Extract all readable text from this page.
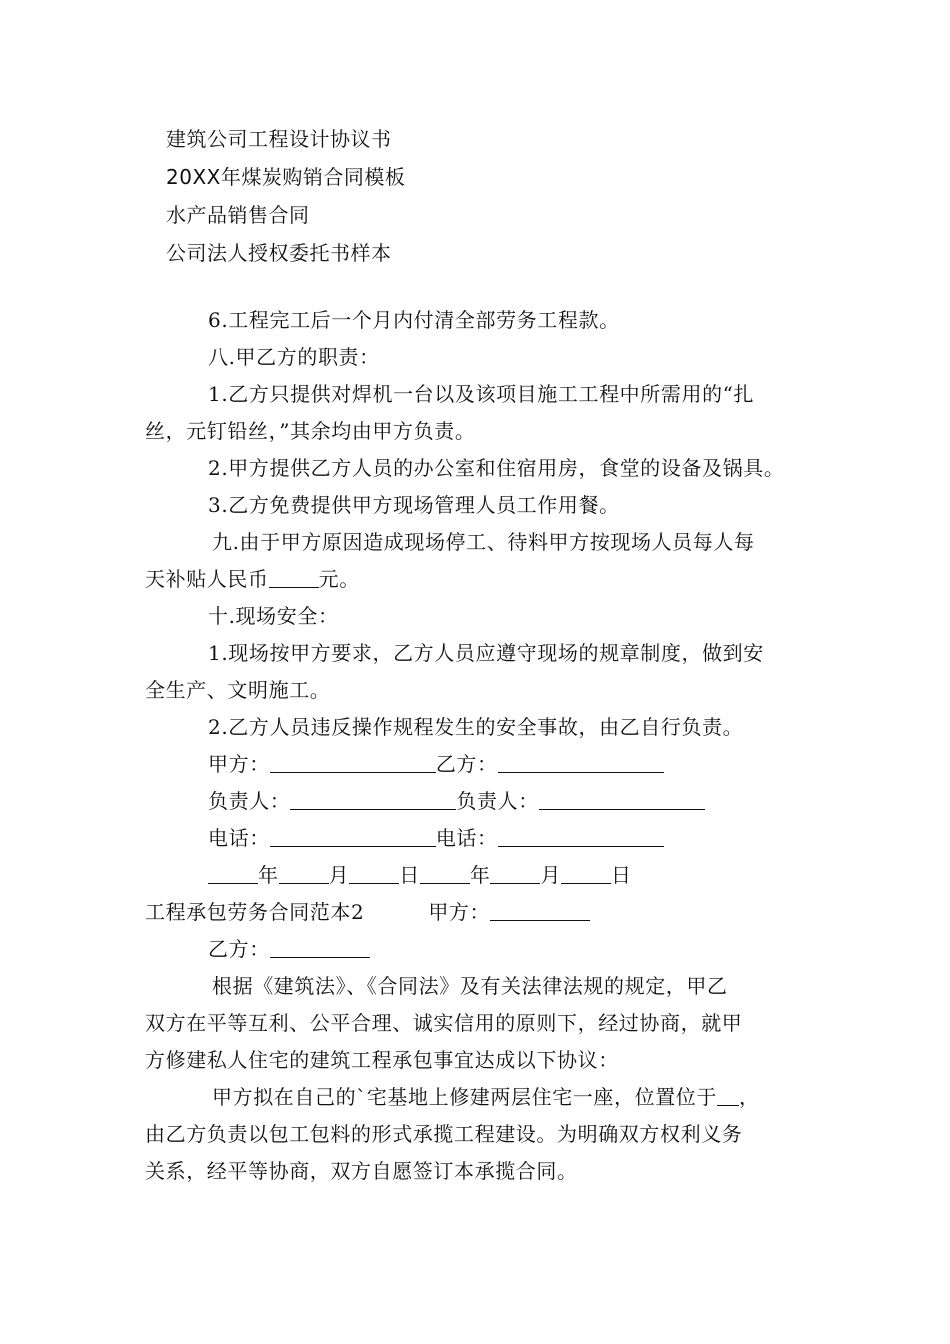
建筑公司工程设计协议书
20XX年煤炭购销合同模板
水产品销售合同
公司法人授权委托书样本
6.工程完工后一个月内付清全部劳务工程款。
八.甲乙方的职责：
1.乙方只提供对焊机一台以及该项目施工工程中所需用的“扎
丝，元钉铅丝，”其余均由甲方负责。
2.甲方提供乙方人员的办公室和住宿用房，食堂的设备及锅具。
3.乙方免费提供甲方现场管理人员工作用餐。
九.由于甲方原因造成现场停工、待料甲方按现场人员每人每
天补贴人民币	元。
十.现场安全：
1.现场按甲方要求，乙方人员应遵守现场的规章制度，做到安
全生产、文明施工。
2.乙方人员违反操作规程发生的安全事故，由乙自行负责。
甲方：	乙方：
负责人：	负责人：
电话：	电话：
年	月	日	年	月	日
工程承包劳务合同范本2	甲方：
乙方：
根据《建筑法》、《合同法》及有关法律法规的规定，甲乙
双方在平等互利、公平合理、诚实信用的原则下，经过协商，就甲
方修建私人住宅的建筑工程承包事宜达成以下协议：
甲方拟在自己的`宅基地上修建两层住宅一座，位置位于 ，
由乙方负责以包工包料的形式承揽工程建设。为明确双方权利义务
关系，经平等协商，双方自愿签订本承揽合同。
